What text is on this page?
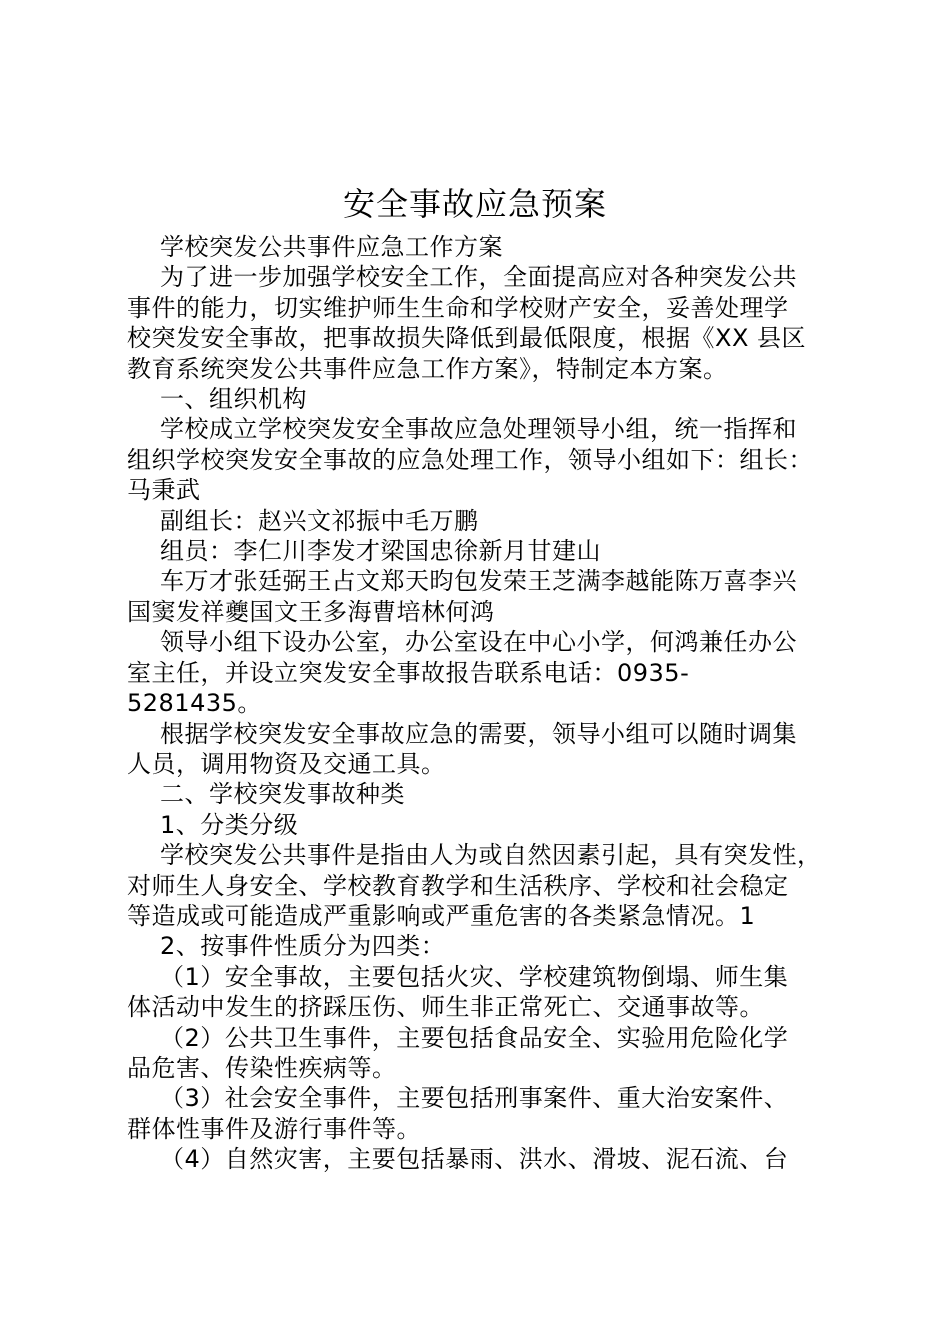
安全事故应急预案

学校突发公共事件应急工作方案

为了进一步加强学校安全工作，全面提高应对各种突发公共
事件的能力，切实维护师生生命和学校财产安全，妥善处理学
校突发安全事故，把事故损失降低到最低限度，根据《XX 县区
教育系统突发公共事件应急工作方案》，特制定本方案。

一、组织机构

学校成立学校突发安全事故应急处理领导小组，统一指挥和
组织学校突发安全事故的应急处理工作，领导小组如下：组长：
马秉武

副组长：赵兴文祁振中毛万鹏

组员：李仁川李发才梁国忠徐新月甘建山

车万才张廷弼王占文郑天昀包发荣王芝满李越能陈万喜李兴
国窦发祥夔国文王多海曹培林何鸿

领导小组下设办公室，办公室设在中心小学，何鸿兼任办公
室主任，并设立突发安全事故报告联系电话：0935-
5281435。

根据学校突发安全事故应急的需要，领导小组可以随时调集
人员，调用物资及交通工具。

二、学校突发事故种类

1、分类分级

学校突发公共事件是指由人为或自然因素引起，具有突发性，
对师生人身安全、学校教育教学和生活秩序、学校和社会稳定
等造成或可能造成严重影响或严重危害的各类紧急情况。1

2、按事件性质分为四类：

（1）安全事故，主要包括火灾、学校建筑物倒塌、师生集
体活动中发生的挤踩压伤、师生非正常死亡、交通事故等。

（2）公共卫生事件，主要包括食品安全、实验用危险化学
品危害、传染性疾病等。

（3）社会安全事件，主要包括刑事案件、重大治安案件、
群体性事件及游行事件等。

（4）自然灾害，主要包括暴雨、洪水、滑坡、泥石流、台
